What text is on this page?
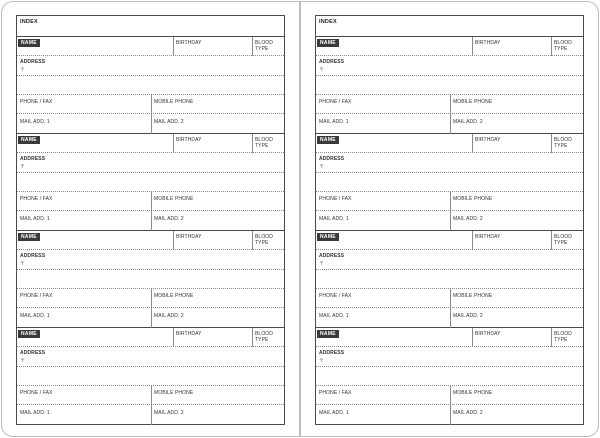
INDEX
NAME	BIRTHDAY	BLOOD TYPE
ADDRESS
〒
PHONE / FAX	MOBILE PHONE
MAIL ADD. 1	MAIL ADD. 2
NAME	BIRTHDAY	BLOOD TYPE
ADDRESS
〒
PHONE / FAX	MOBILE PHONE
MAIL ADD. 1	MAIL ADD. 2
NAME	BIRTHDAY	BLOOD TYPE
ADDRESS
〒
PHONE / FAX	MOBILE PHONE
MAIL ADD. 1	MAIL ADD. 2
NAME	BIRTHDAY	BLOOD TYPE
ADDRESS
〒
PHONE / FAX	MOBILE PHONE
MAIL ADD. 1	MAIL ADD. 2
INDEX
NAME	BIRTHDAY	BLOOD TYPE
ADDRESS
〒
PHONE / FAX	MOBILE PHONE
MAIL ADD. 1	MAIL ADD. 2
NAME	BIRTHDAY	BLOOD TYPE
ADDRESS
〒
PHONE / FAX	MOBILE PHONE
MAIL ADD. 1	MAIL ADD. 2
NAME	BIRTHDAY	BLOOD TYPE
ADDRESS
〒
PHONE / FAX	MOBILE PHONE
MAIL ADD. 1	MAIL ADD. 2
NAME	BIRTHDAY	BLOOD TYPE
ADDRESS
〒
PHONE / FAX	MOBILE PHONE
MAIL ADD. 1	MAIL ADD. 2
